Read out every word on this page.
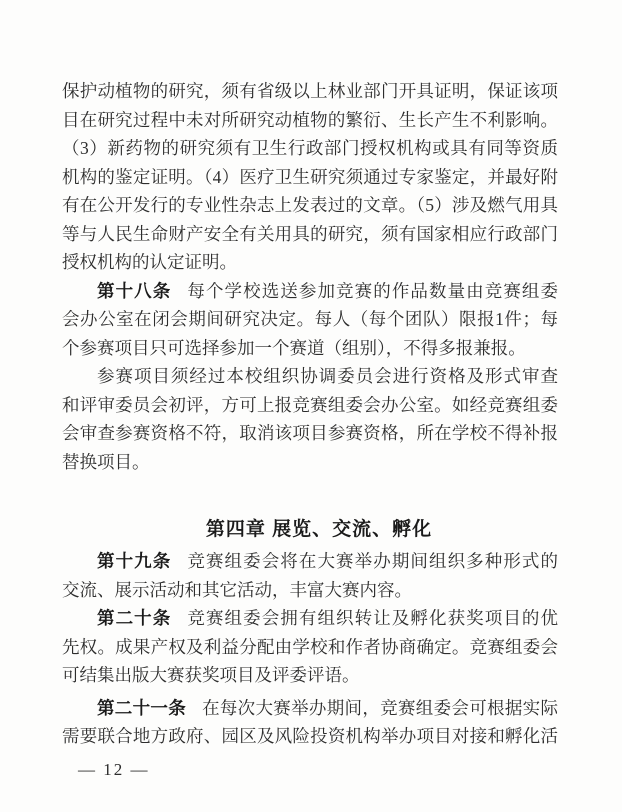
保护动植物的研究，须有省级以上林业部门开具证明，保证该项
目在研究过程中未对所研究动植物的繁衍、生长产生不利影响。
（3）新药物的研究须有卫生行政部门授权机构或具有同等资质
机构的鉴定证明。（4）医疗卫生研究须通过专家鉴定，并最好附
有在公开发行的专业性杂志上发表过的文章。（5）涉及燃气用具
等与人民生命财产安全有关用具的研究，须有国家相应行政部门
授权机构的认定证明。
第十八条 每个学校选送参加竞赛的作品数量由竞赛组委
会办公室在闭会期间研究决定。每人（每个团队）限报1件；每
个参赛项目只可选择参加一个赛道（组别），不得多报兼报。
参赛项目须经过本校组织协调委员会进行资格及形式审查
和评审委员会初评，方可上报竞赛组委会办公室。如经竞赛组委
会审查参赛资格不符，取消该项目参赛资格，所在学校不得补报
替换项目。
第四章 展览、交流、孵化
第十九条 竞赛组委会将在大赛举办期间组织多种形式的
交流、展示活动和其它活动，丰富大赛内容。
第二十条 竞赛组委会拥有组织转让及孵化获奖项目的优
先权。成果产权及利益分配由学校和作者协商确定。竞赛组委会
可结集出版大赛获奖项目及评委评语。
第二十一条 在每次大赛举办期间，竞赛组委会可根据实际
需要联合地方政府、园区及风险投资机构举办项目对接和孵化活
— 12 —
